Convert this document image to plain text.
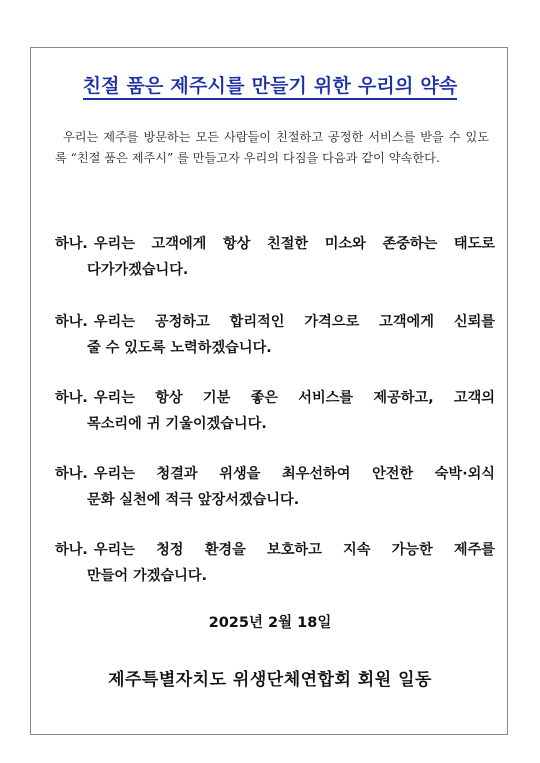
친절 품은 제주시를 만들기 위한 우리의 약속
우리는 제주를 방문하는 모든 사람들이 친절하고 공정한 서비스를 받을 수 있도록 “친절 품은 제주시” 를 만들고자 우리의 다짐을 다음과 같이 약속한다.
하나. 우리는 고객에게 항상 친절한 미소와 존중하는 태도로
다가가겠습니다.
하나. 우리는 공정하고 합리적인 가격으로 고객에게 신뢰를
줄 수 있도록 노력하겠습니다.
하나. 우리는 항상 기분 좋은 서비스를 제공하고, 고객의
목소리에 귀 기울이겠습니다.
하나. 우리는 청결과 위생을 최우선하여 안전한 숙박·외식
문화 실천에 적극 앞장서겠습니다.
하나. 우리는 청정 환경을 보호하고 지속 가능한 제주를
만들어 가겠습니다.
2025년 2월 18일
제주특별자치도 위생단체연합회 회원 일동
